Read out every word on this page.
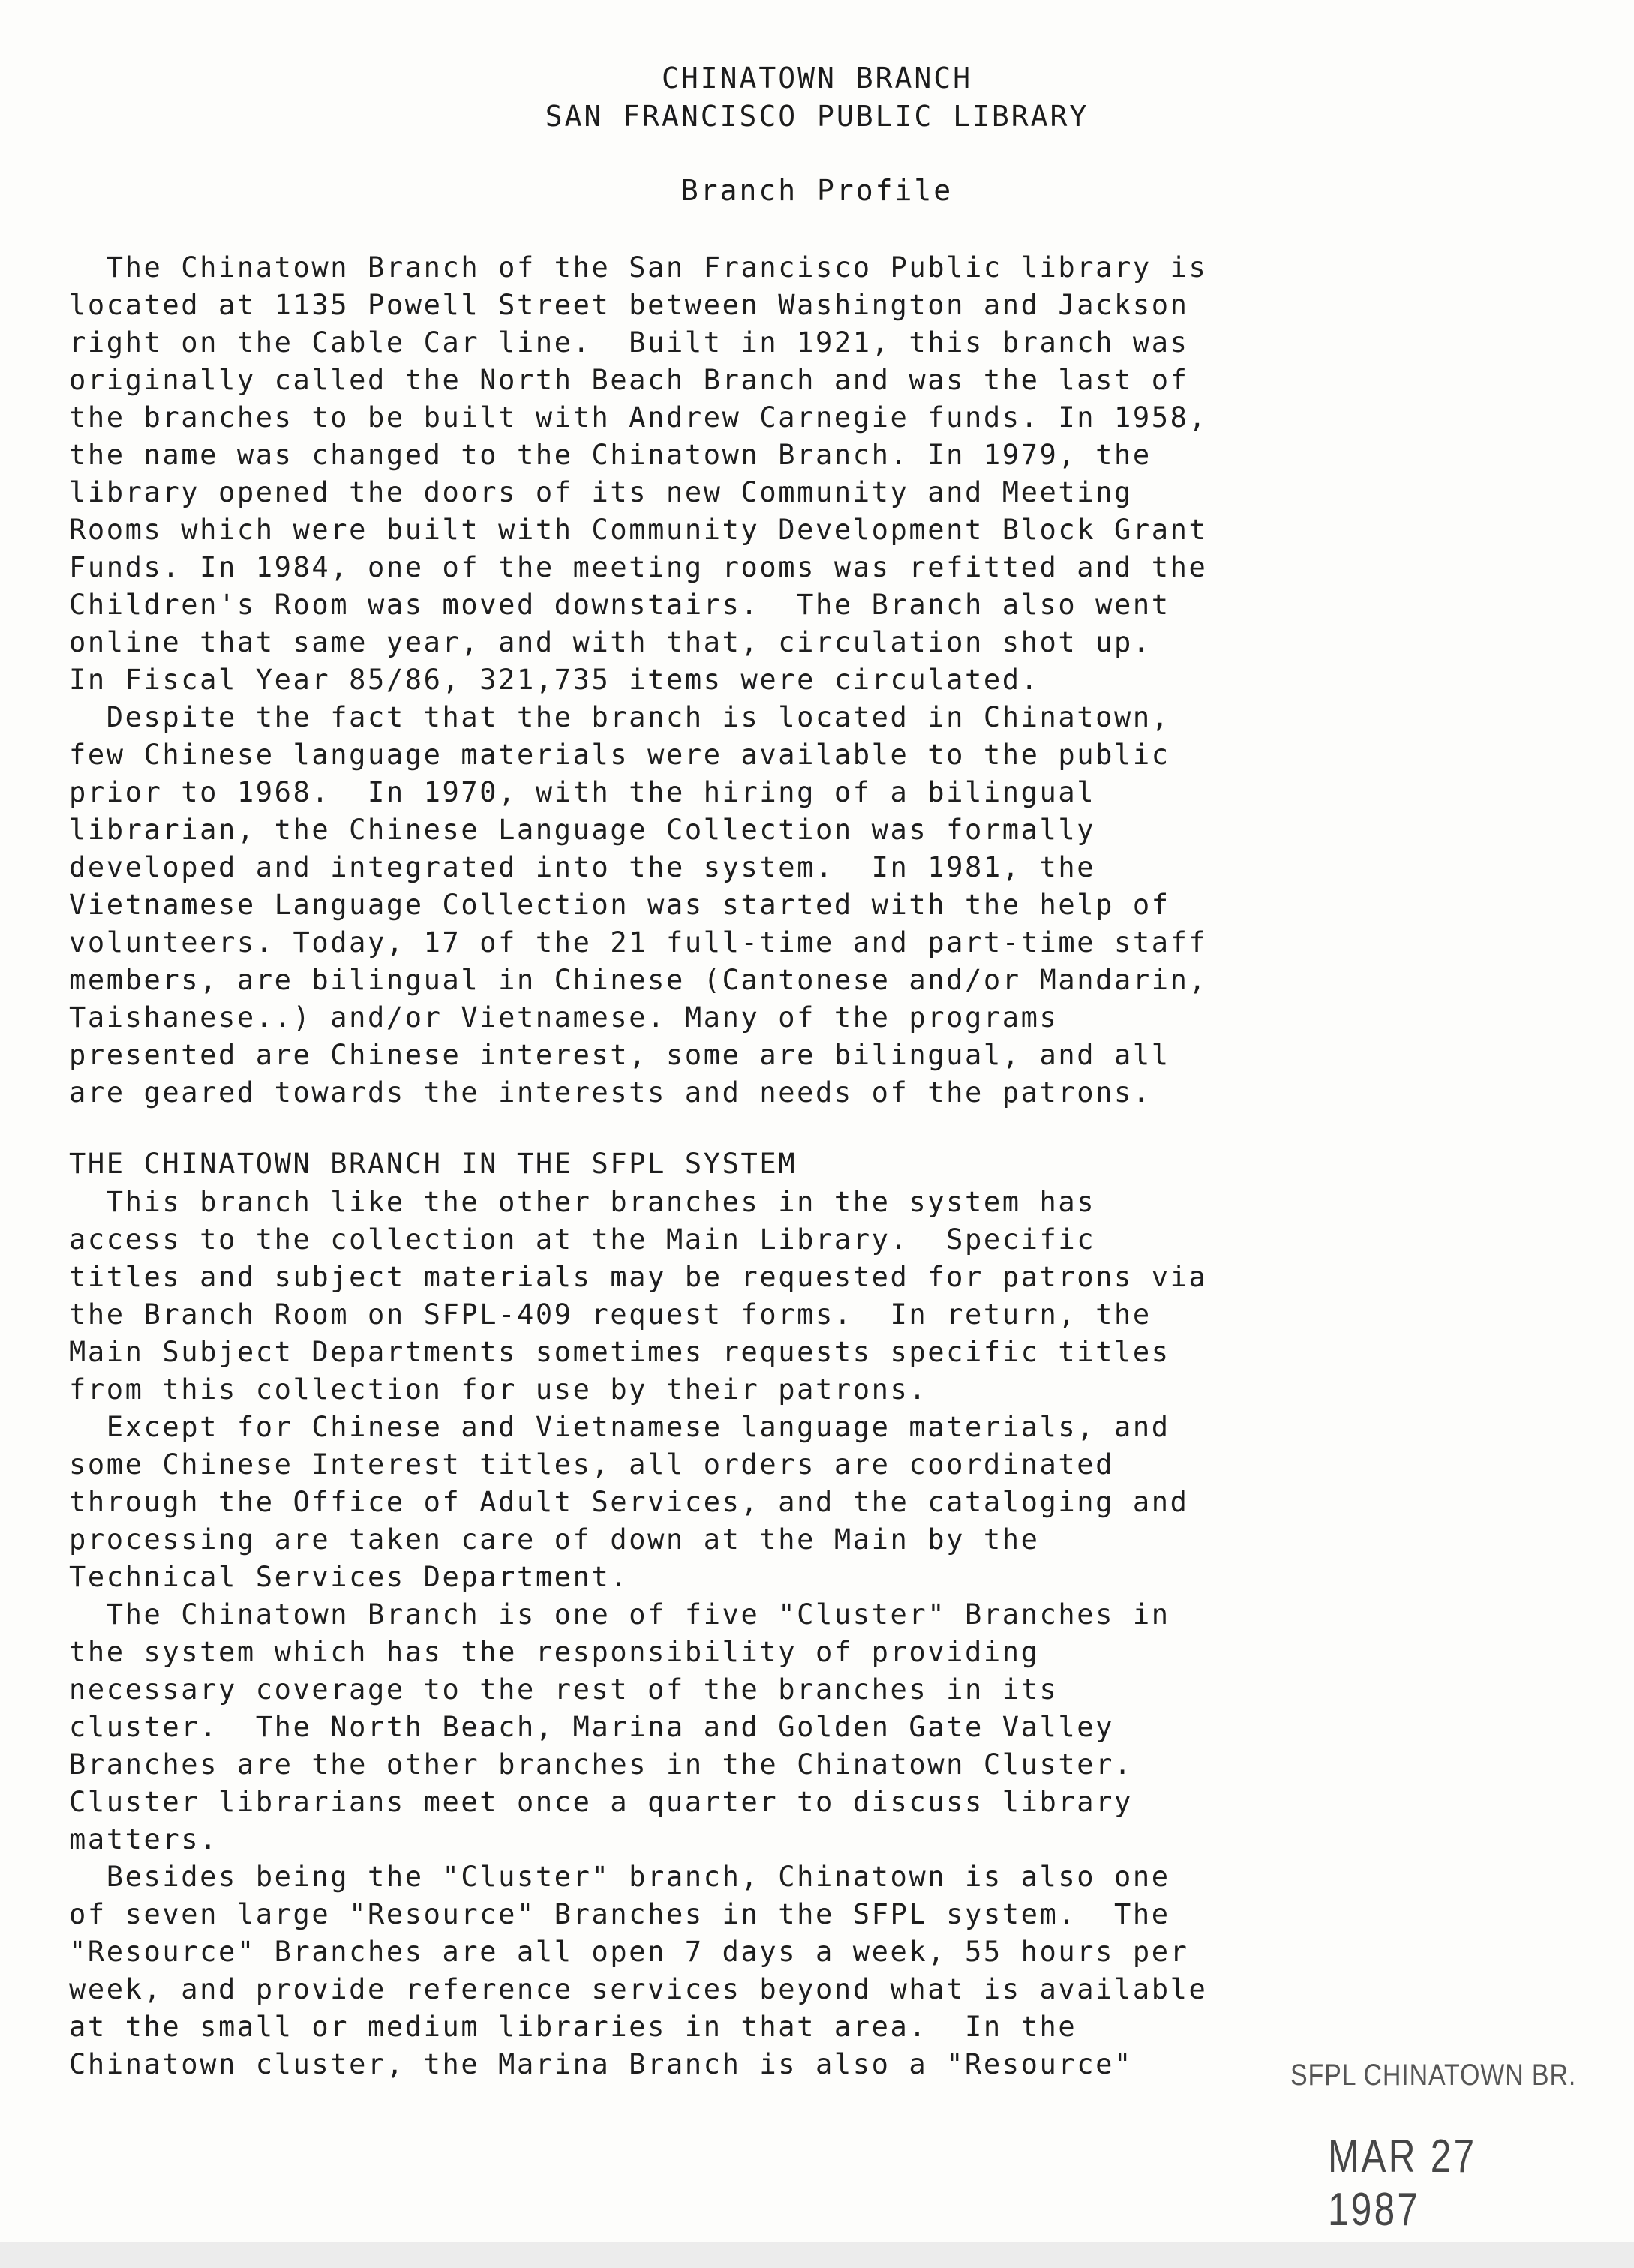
CHINATOWN BRANCH
SAN FRANCISCO PUBLIC LIBRARY
Branch Profile
The Chinatown Branch of the San Francisco Public library is
located at 1135 Powell Street between Washington and Jackson
right on the Cable Car line.  Built in 1921, this branch was
originally called the North Beach Branch and was the last of
the branches to be built with Andrew Carnegie funds. In 1958,
the name was changed to the Chinatown Branch. In 1979, the
library opened the doors of its new Community and Meeting
Rooms which were built with Community Development Block Grant
Funds. In 1984, one of the meeting rooms was refitted and the
Children's Room was moved downstairs.  The Branch also went
online that same year, and with that, circulation shot up.
In Fiscal Year 85/86, 321,735 items were circulated.
Despite the fact that the branch is located in Chinatown,
few Chinese language materials were available to the public
prior to 1968.  In 1970, with the hiring of a bilingual
librarian, the Chinese Language Collection was formally
developed and integrated into the system.  In 1981, the
Vietnamese Language Collection was started with the help of
volunteers. Today, 17 of the 21 full-time and part-time staff
members, are bilingual in Chinese (Cantonese and/or Mandarin,
Taishanese..) and/or Vietnamese. Many of the programs
presented are Chinese interest, some are bilingual, and all
are geared towards the interests and needs of the patrons.
THE CHINATOWN BRANCH IN THE SFPL SYSTEM
This branch like the other branches in the system has
access to the collection at the Main Library.  Specific
titles and subject materials may be requested for patrons via
the Branch Room on SFPL-409 request forms.  In return, the
Main Subject Departments sometimes requests specific titles
from this collection for use by their patrons.
Except for Chinese and Vietnamese language materials, and
some Chinese Interest titles, all orders are coordinated
through the Office of Adult Services, and the cataloging and
processing are taken care of down at the Main by the
Technical Services Department.
The Chinatown Branch is one of five "Cluster" Branches in
the system which has the responsibility of providing
necessary coverage to the rest of the branches in its
cluster.  The North Beach, Marina and Golden Gate Valley
Branches are the other branches in the Chinatown Cluster.
Cluster librarians meet once a quarter to discuss library
matters.
Besides being the "Cluster" branch, Chinatown is also one
of seven large "Resource" Branches in the SFPL system.  The
"Resource" Branches are all open 7 days a week, 55 hours per
week, and provide reference services beyond what is available
at the small or medium libraries in that area.  In the
Chinatown cluster, the Marina Branch is also a "Resource"	SFPL CHINATOWN BR.
MAR 27 1987
